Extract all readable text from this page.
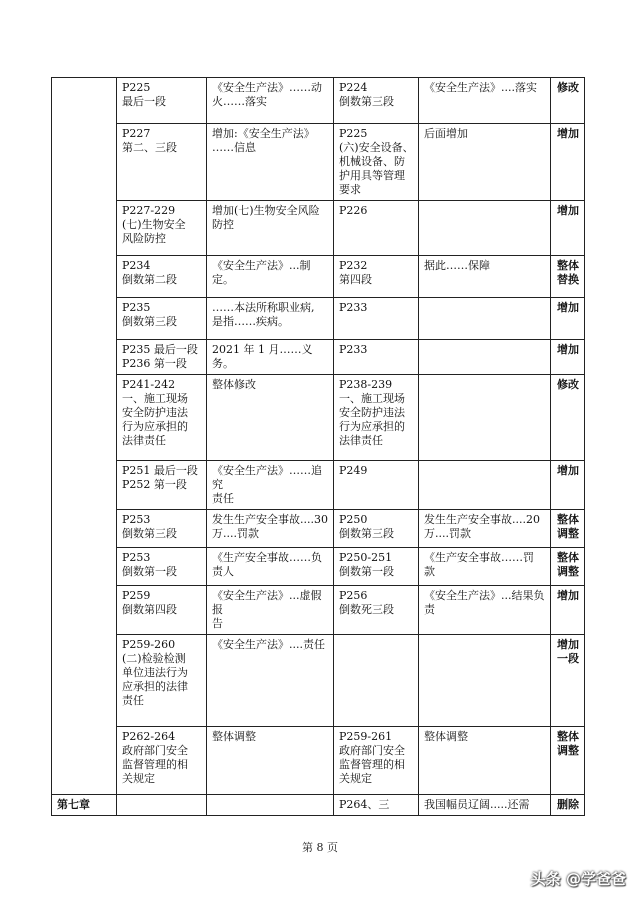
	P225
最后一段	《安全生产法》……动
火……落实	P224
倒数第三段	《安全生产法》....落实	修改

	P227
第二、三段	增加:《安全生产法》
……信息	P225
(六)安全设备、
机械设备、防
护用具等管理
要求	后面增加	增加

	P227-229
(七)生物安全
风险防控	增加(七)生物安全风险
防控	P226		增加

	P234
倒数第二段	《安全生产法》...制定。	P232
第四段	据此……保障	整体
替换

	P235
倒数第三段	……本法所称职业病,
是指……疾病。	P233		增加

	P235 最后一段
P236 第一段	2021 年 1 月……义务。	P233		增加

	P241-242
一、施工现场
安全防护违法
行为应承担的
法律责任	整体修改	P238-239
一、施工现场
安全防护违法
行为应承担的
法律责任		修改

	P251 最后一段
P252 第一段	《安全生产法》……追究
责任	P249		增加

	P253
倒数第三段	发生生产安全事故....30
万....罚款	P250
倒数第三段	发生生产安全事故....20
万....罚款	整体
调整

	P253
倒数第一段	《生产安全事故……负
责人	P250-251
倒数第一段	《生产安全事故……罚
款	整体
调整

	P259
倒数第四段	《安全生产法》...虚假报
告	P256
倒数死三段	《安全生产法》...结果负
责	增加

	P259-260
(二)检验检测
单位违法行为
应承担的法律
责任	《安全生产法》....责任			增加
一段

	P262-264
政府部门安全
监督管理的相
关规定	整体调整	P259-261
政府部门安全
监督管理的相
关规定	整体调整	整体
调整

第七章			P264、三	我国幅员辽阔.....还需	删除
第 8 页
头条 @学爸爸
